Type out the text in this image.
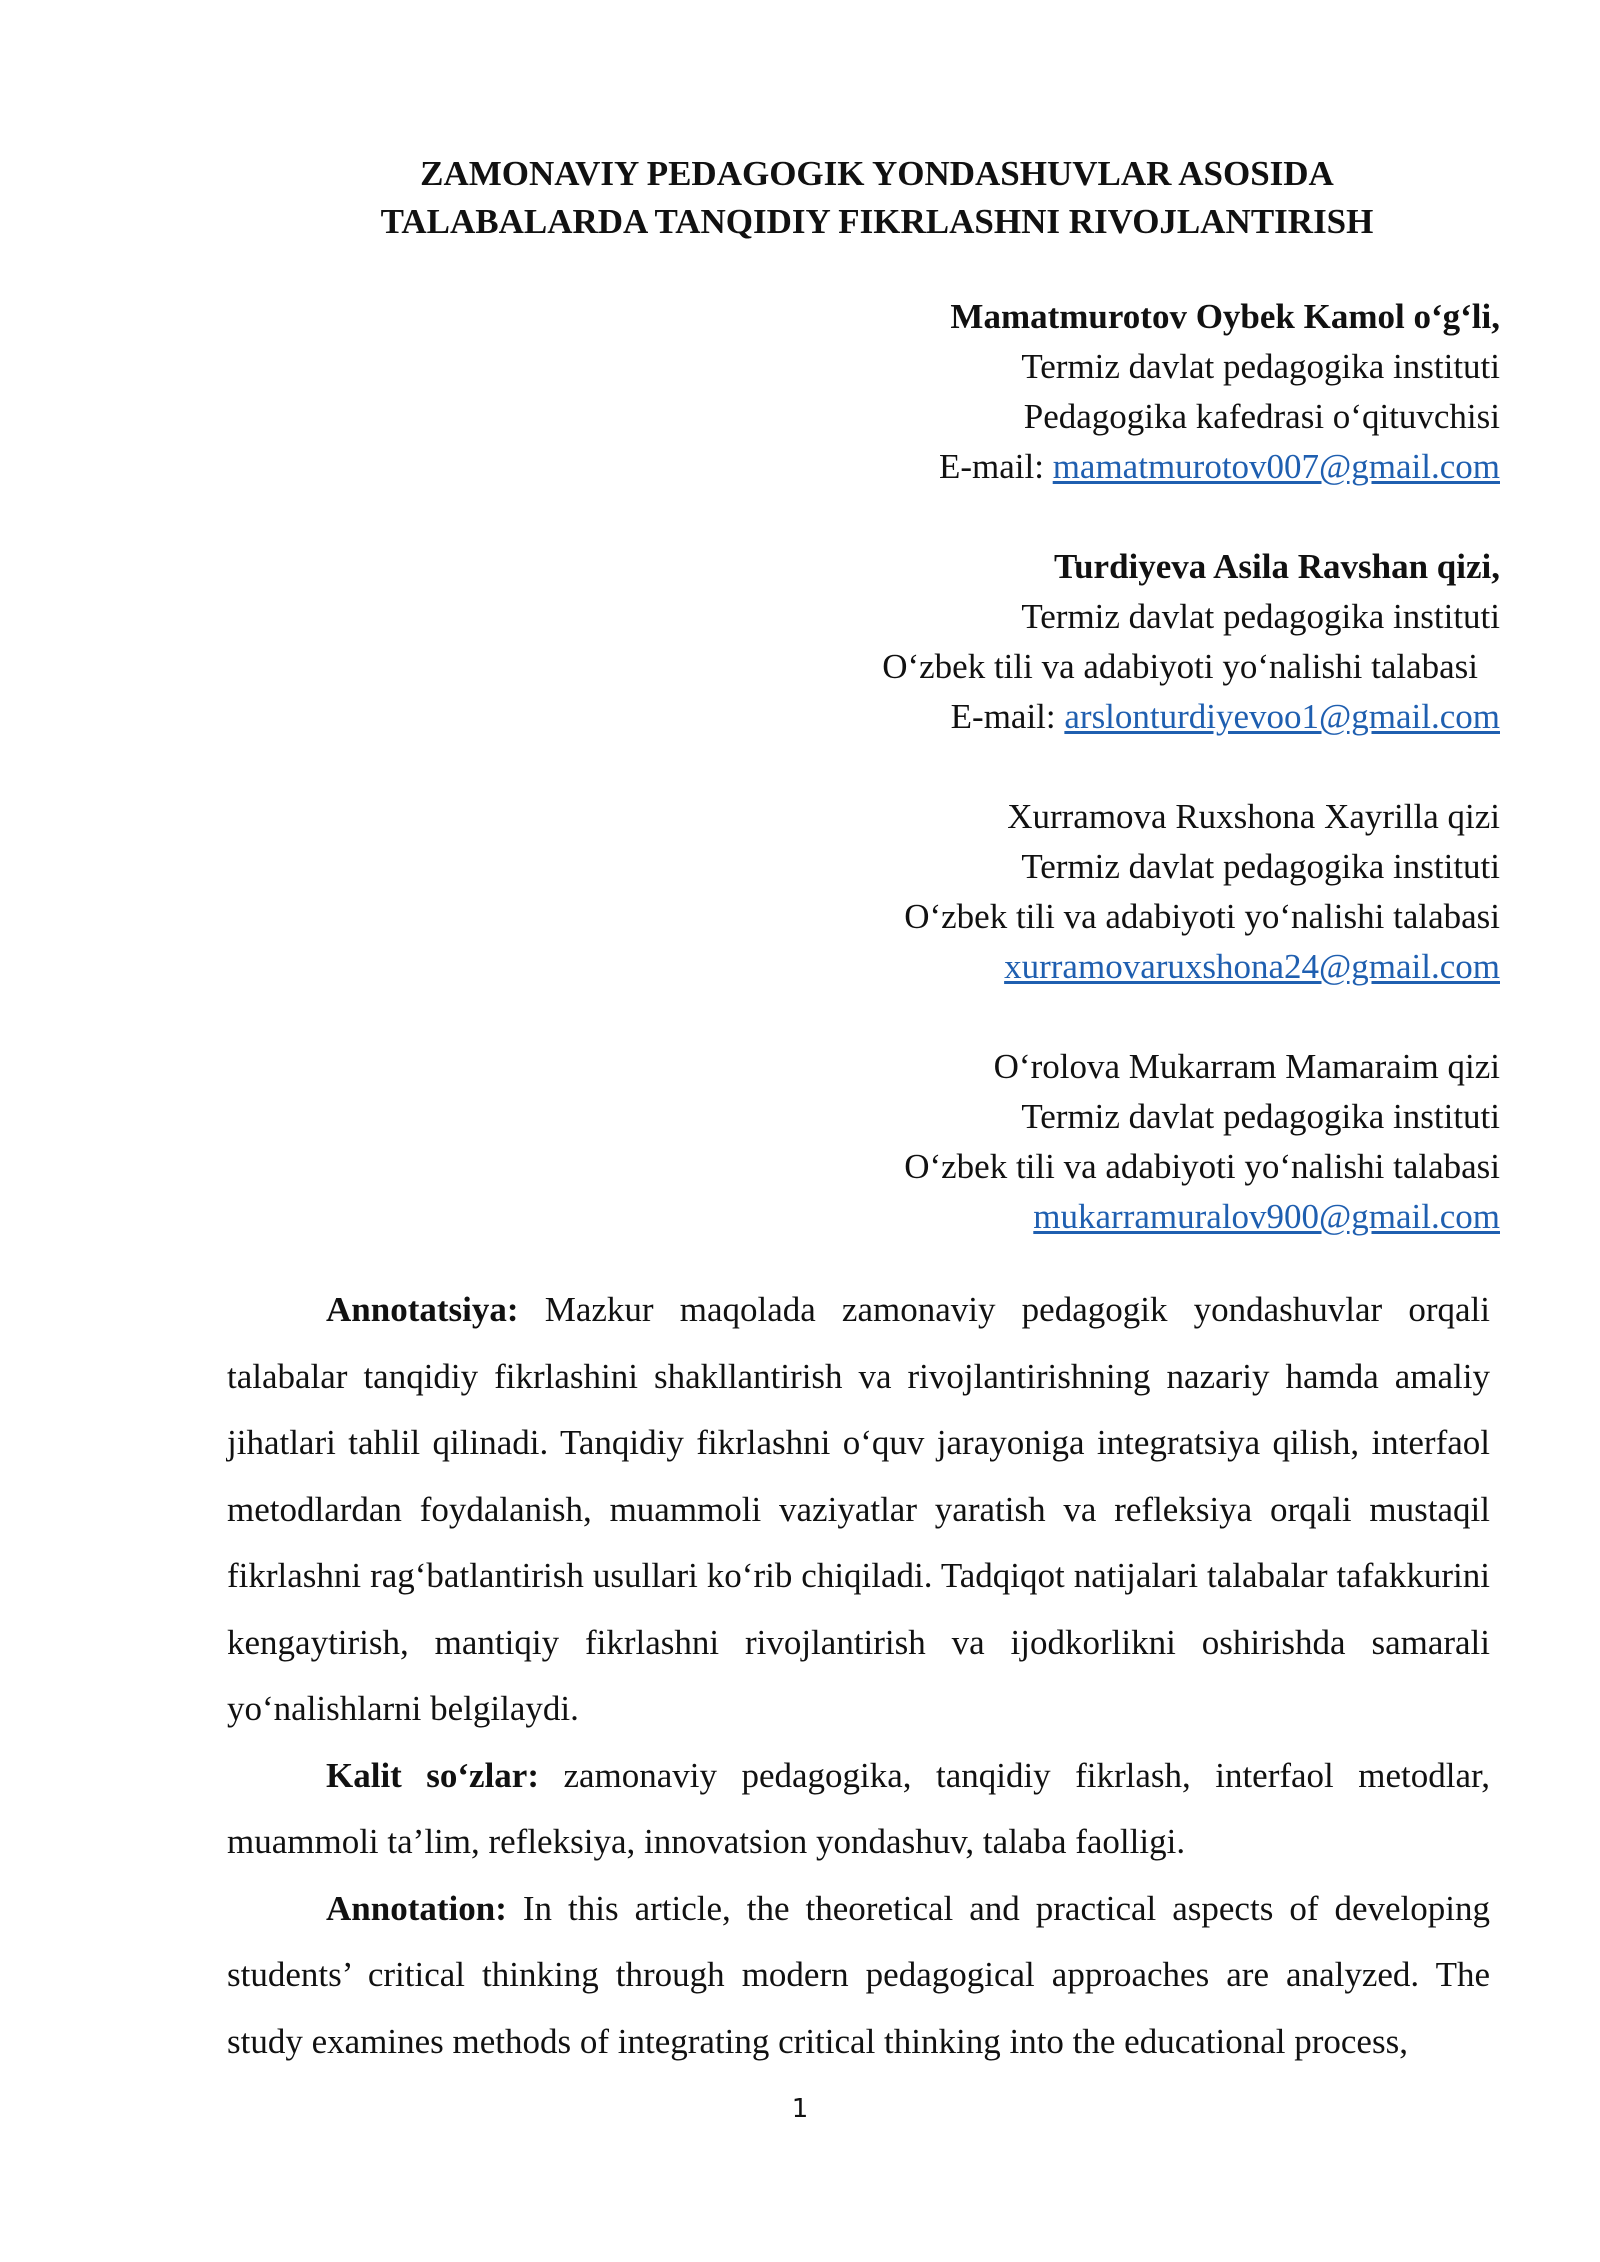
ZAMONAVIY PEDAGOGIK YONDASHUVLAR ASOSIDA
TALABALARDA TANQIDIY FIKRLASHNI RIVOJLANTIRISH
Mamatmurotov Oybek Kamol o‘g‘li,
Termiz davlat pedagogika instituti
Pedagogika kafedrasi o‘qituvchisi
E-mail: mamatmurotov007@gmail.com
Turdiyeva Asila Ravshan qizi,
Termiz davlat pedagogika instituti
O‘zbek tili va adabiyoti yo‘nalishi talabasi
E-mail: arslonturdiyevoo1@gmail.com
Xurramova Ruxshona Xayrilla qizi
Termiz davlat pedagogika instituti
O‘zbek tili va adabiyoti yo‘nalishi talabasi
xurramovaruxshona24@gmail.com
O‘rolova Mukarram Mamaraim qizi
Termiz davlat pedagogika instituti
O‘zbek tili va adabiyoti yo‘nalishi talabasi
mukarramuralov900@gmail.com

Annotatsiya: Mazkur maqolada zamonaviy pedagogik yondashuvlar orqali talabalar tanqidiy fikrlashini shakllantirish va rivojlantirishning nazariy hamda amaliy jihatlari tahlil qilinadi. Tanqidiy fikrlashni o‘quv jarayoniga integratsiya qilish, interfaol metodlardan foydalanish, muammoli vaziyatlar yaratish va refleksiya orqali mustaqil fikrlashni rag‘batlantirish usullari ko‘rib chiqiladi. Tadqiqot natijalari talabalar tafakkurini kengaytirish, mantiqiy fikrlashni rivojlantirish va ijodkorlikni oshirishda samarali yo‘nalishlarni belgilaydi.

Kalit so‘zlar: zamonaviy pedagogika, tanqidiy fikrlash, interfaol metodlar, muammoli ta’lim, refleksiya, innovatsion yondashuv, talaba faolligi.

Annotation: In this article, the theoretical and practical aspects of developing students’ critical thinking through modern pedagogical approaches are analyzed. The study examines methods of integrating critical thinking into the educational process,

1
